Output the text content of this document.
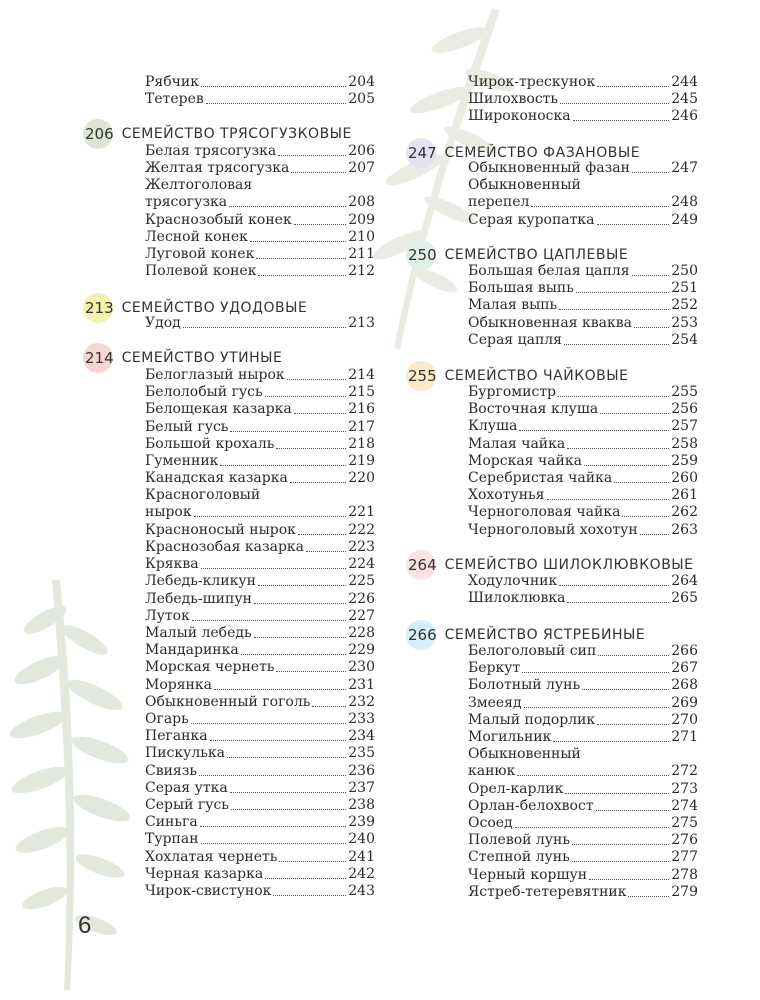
206 СЕМЕЙСТВО ТРЯСОГУЗКОВЫЕ
213 СЕМЕЙСТВО УДОДОВЫЕ
214 СЕМЕЙСТВО УТИНЫЕ
247 СЕМЕЙСТВО ФАЗАНОВЫЕ
250 СЕМЕЙСТВО ЦАПЛЕВЫЕ
255 СЕМЕЙСТВО ЧАЙКОВЫЕ
264 СЕМЕЙСТВО ШИЛОКЛЮВКОВЫЕ
266 СЕМЕЙСТВО ЯСТРЕБИНЫЕ
6
Рябчик	204
Тетерев	205
Белая трясогузка	206
Желтая трясогузка	207
Желтоголовая
трясогузка	208
Краснозобый конек	209
Лесной конек	210
Луговой конек	211
Полевой конек	212
Удод	213
Белоглазый нырок	214
Белолобый гусь	215
Белощекая казарка	216
Белый гусь	217
Большой крохаль	218
Гуменник	219
Канадская казарка	220
Красноголовый
нырок	221
Красноносый нырок	222
Краснозобая казарка	223
Кряква	224
Лебедь-кликун	225
Лебедь-шипун	226
Луток	227
Малый лебедь	228
Мандаринка	229
Морская чернеть	230
Морянка	231
Обыкновенный гоголь	232
Огарь	233
Пеганка	234
Пискулька	235
Свиязь	236
Серая утка	237
Серый гусь	238
Синьга	239
Турпан	240
Хохлатая чернеть	241
Черная казарка	242
Чирок-свистунок	243
Чирок-трескунок	244
Шилохвость	245
Широконоска	246
Обыкновенный фазан	247
Обыкновенный
перепел	248
Серая куропатка	249
Большая белая цапля	250
Большая выпь	251
Малая выпь	252
Обыкновенная кваква	253
Серая цапля	254
Бургомистр	255
Восточная клуша	256
Клуша	257
Малая чайка	258
Морская чайка	259
Серебристая чайка	260
Хохотунья	261
Черноголовая чайка	262
Черноголовый хохотун 263
Ходулочник	264
Шилоклювка	265
Белоголовый сип	266
Беркут	267
Болотный лунь	268
Змееяд	269
Малый подорлик	270
Могильник	271
Обыкновенный
канюк	272
Орел-карлик	273
Орлан-белохвост	274
Осоед	275
Полевой лунь	276
Степной лунь	277
Черный коршун	278
Ястреб-тетеревятник	279
